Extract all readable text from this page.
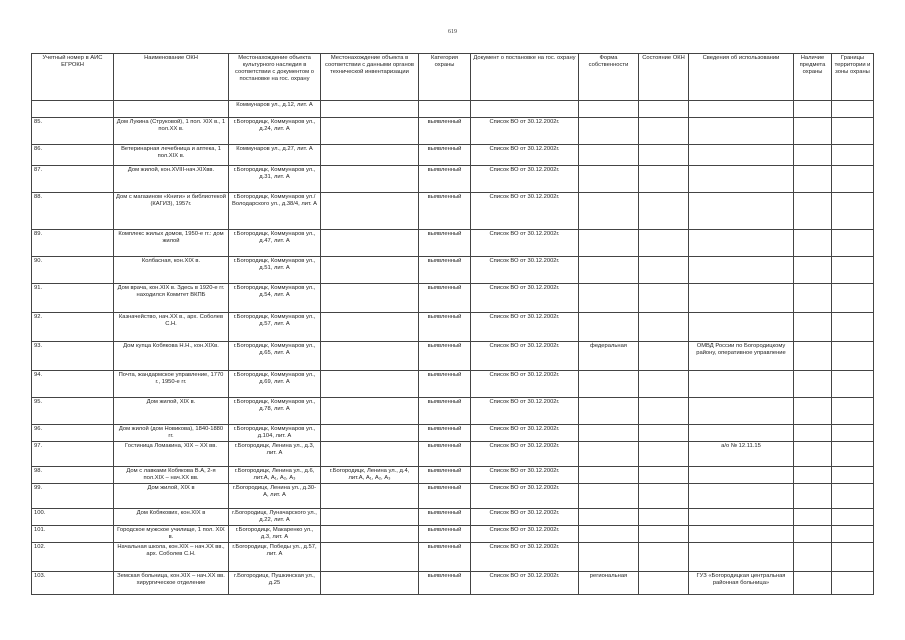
619
Учетный номер в АИС ЕГРОКН	Наименование ОКН	Местонахождение объекта культурного наследия в соответствии с документом о постановке на гос. охрану	Местонахождение объекта в соответствии с данными органов технической инвентаризации	Категория охраны	Документ о постановке на гос. охрану	Форма собственности	Состояние ОКН	Сведения об использовании	Наличие предмета охраны	Границы территории и зоны охраны
		Коммунаров ул., д.12, лит. А								
85.	Дом Лукина (Струковой), 1 пол. XIX в., 1 пол.XX в.	г.Богородицк, Коммунаров ул., д.24, лит. А		выявленный	Список ВО от 30.12.2002г.					
86.	Ветеринарная лечебница и аптека, 1 пол.XIX в.	Коммунаров ул., д.27, лит. А		выявленный	Список ВО от 30.12.2002г.					
87.	Дом жилой, кон.XVIII-нач.XIXвв.	г.Богородицк, Коммунаров ул., д.31, лит. А		выявленный	Список ВО от 30.12.2002г.					
88.	Дом с магазином «Книги» и библиотекой (КАГИЗ), 1957г.	г.Богородицк, Коммунаров ул./Володарского ул., д.38/4, лит. А		выявленный	Список ВО от 30.12.2002г.					
89.	Комплекс жилых домов, 1950-е гг.: дом жилой	г.Богородицк, Коммунаров ул., д.47, лит. А		выявленный	Список ВО от 30.12.2002г.					
90.	Колбасная, кон.XIX в.	г.Богородицк, Коммунаров ул., д.51, лит. А		выявленный	Список ВО от 30.12.2002г.					
91.	Дом врача, кон.XIX в. Здесь в 1920-е гг. находился Комитет ВКПБ	г.Богородицк, Коммунаров ул., д.54, лит. А		выявленный	Список ВО от 30.12.2002г.					
92.	Казначейство, нач.XX в., арх. Соболев С.Н.	г.Богородицк, Коммунаров ул., д.57, лит. А		выявленный	Список ВО от 30.12.2002г.					
93.	Дом купца Кобякова Н.Н., кон.XIXв.	г.Богородицк, Коммунаров ул., д.65, лит. А		выявленный	Список ВО от 30.12.2002г.	федеральная		ОМВД России по Богородицкому району, оперативное управление		
94.	Почта, жандармское управление, 1770 г., 1950-е гг.	г.Богородицк, Коммунаров ул., д.69, лит. А		выявленный	Список ВО от 30.12.2002г.					
95.	Дом жилой, XIX в.	г.Богородицк, Коммунаров ул., д.78, лит. А		выявленный	Список ВО от 30.12.2002г.					
96.	Дом жилой (дом Новикова), 1840-1880 гг.	г.Богородицк, Коммунаров ул., д.104, лит. А		выявленный	Список ВО от 30.12.2002г.					
97.	Гостиница Ломакина, XIX – XX вв.	г.Богородицк, Ленина ул., д.3, лит. А		выявленный	Список ВО от 30.12.2002г.			а/о № 12.11.15		
98.	Дом с лавками Кобякова В.А, 2-я пол.XIX – нач.XX вв.	г.Богородицк, Ленина ул., д.6, лит.А, А₁, А₂, А₃	г.Богородицк, Ленина ул., д.4, лит.А, А₁, А₂, А₃	выявленный	Список ВО от 30.12.2002г.					
99.	Дом жилой, XIX в	г.Богородицк, Ленина ул., д.30-А, лит. А		выявленный	Список ВО от 30.12.2002г.					
100.	Дом Кобякових, кон.XIX в	г.Богородицк, Луначарского ул., д.22, лит. А		выявленный	Список ВО от 30.12.2002г.					
101.	Городское мужское училище, 1 пол. XIX в.	г.Богородицк, Макаренко ул., д.3, лит. А		выявленный	Список ВО от 30.12.2002г.					
102.	Начальная школа, кон.XIX – нач.XX вв., арх. Соболев С.Н.	г.Богородицк, Победы ул., д.57, лит. А		выявленный	Список ВО от 30.12.2002г.					
103.	Земская больница, кон.XIX – нач.XX вв. хирургическое отделение	г.Богородицк, Пушкинская ул., д.25		выявленный	Список ВО от 30.12.2002г.	региональная		ГУЗ «Богородицкая центральная районная больница»		
